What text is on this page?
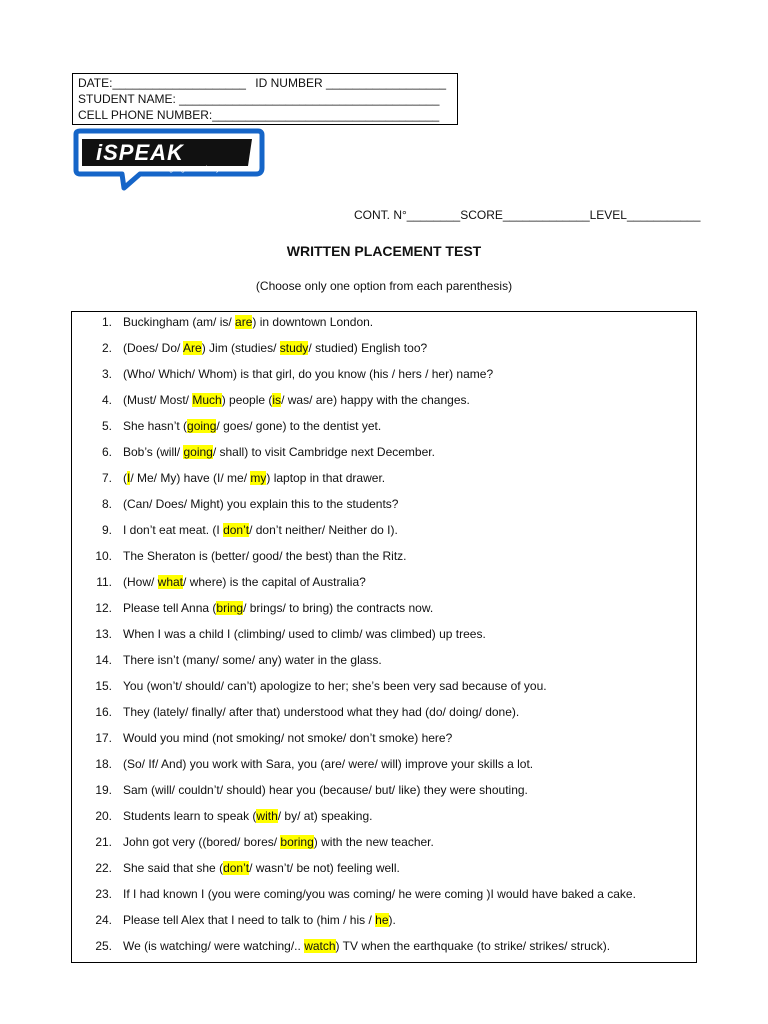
DATE:____________________ ID NUMBER __________________
STUDENT NAME: _______________________________________
CELL PHONE NUMBER:__________________________________
iSPEAK
Language Academy
CONT. N°________SCORE_____________LEVEL___________
WRITTEN PLACEMENT TEST
(Choose only one option from each parenthesis)
1. Buckingham (am/ is/ are) in downtown London.
2. (Does/ Do/ Are) Jim (studies/ study/ studied) English too?
3. (Who/ Which/ Whom) is that girl, do you know (his / hers / her) name?
4. (Must/ Most/ Much) people (is/ was/ are) happy with the changes.
5. She hasn’t (going/ goes/ gone) to the dentist yet.
6. Bob’s (will/ going/ shall) to visit Cambridge next December.
7. (I/ Me/ My) have (I/ me/ my) laptop in that drawer.
8. (Can/ Does/ Might) you explain this to the students?
9. I don’t eat meat. (I don’t/ don’t neither/ Neither do I).
10. The Sheraton is (better/ good/ the best) than the Ritz.
11. (How/ what/ where) is the capital of Australia?
12. Please tell Anna (bring/ brings/ to bring) the contracts now.
13. When I was a child I (climbing/ used to climb/ was climbed) up trees.
14. There isn’t (many/ some/ any) water in the glass.
15. You (won’t/ should/ can’t) apologize to her; she’s been very sad because of you.
16. They (lately/ finally/ after that) understood what they had (do/ doing/ done).
17. Would you mind (not smoking/ not smoke/ don’t smoke) here?
18. (So/ If/ And) you work with Sara, you (are/ were/ will) improve your skills a lot.
19. Sam (will/ couldn’t/ should) hear you (because/ but/ like) they were shouting.
20. Students learn to speak (with/ by/ at) speaking.
21. John got very ((bored/ bores/ boring) with the new teacher.
22. She said that she (don’t/ wasn’t/ be not) feeling well.
23. If I had known I (you were coming/you was coming/ he were coming )I would have baked a cake.
24. Please tell Alex that I need to talk to (him / his / he).
25. We (is watching/ were watching/.. watch) TV when the earthquake (to strike/ strikes/ struck).
